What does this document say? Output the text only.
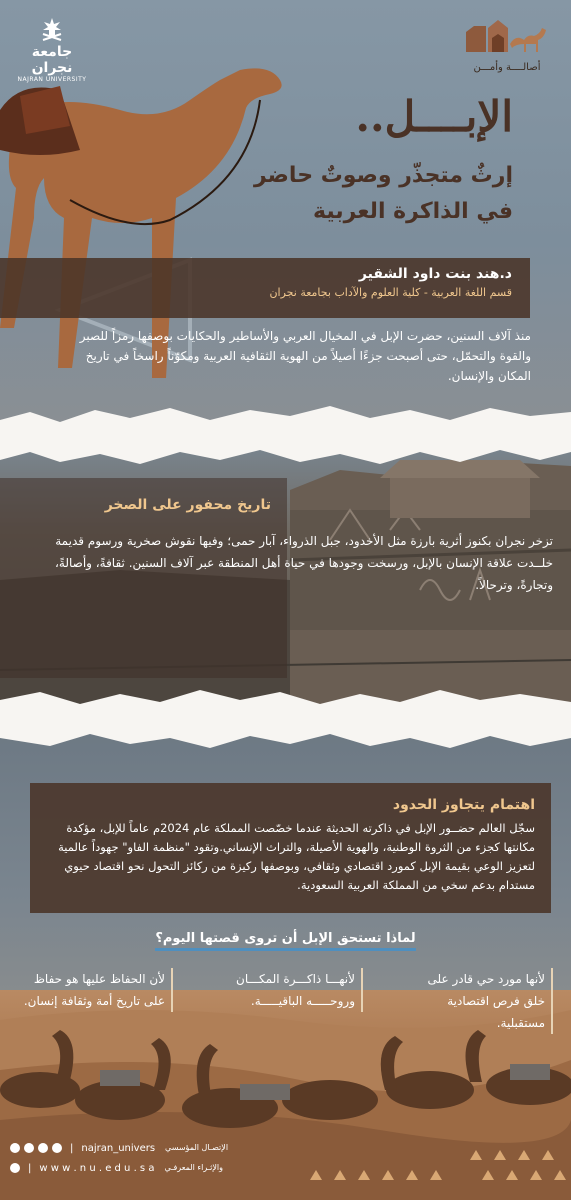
جامعة نجران
NAJRAN UNIVERSITY
أصالــــة وأمـــن
الإبــــل..
إرثٌ متجذّر وصوتٌ حاضر
في الذاكرة العربية
د.هند بنت داود الشقير
قسم اللغة العربية - كلية العلوم والآداب بجامعة نجران
منذ آلاف السنين، حضرت الإبل في المخيال العربي والأساطير والحكايات بوصفها رمزاً للصبر والقوة والتحمّل، حتى أصبحت جزءًا أصيلاً من الهوية الثقافية العربية ومكوّناً راسخاً في تاريخ المكان والإنسان.
تاريخ محفور على الصخر
تزخر نجران بكنوز أثرية بارزة مثل الأخدود، جبل الذرواء، آبار حمى؛ وفيها نقوش صخرية ورسوم قديمة خلــدت علاقة الإنسان بالإبل، ورسخت وجودها في حياة أهل المنطقة عبر آلاف السنين. ثقافةً، وأصالةً، وتجارةً، وترحالاً.
اهتمام يتجاوز الحدود
سجّل العالم حضــور الإبل في ذاكرته الحديثة عندما خصّصت المملكة عام 2024م عاماً للإبل، مؤكدة مكانتها كجزء من الثروة الوطنية، والهوية الأصيلة، والتراث الإنساني.وتقود "منظمة الفاو" جهوداً عالمية لتعزيز الوعي بقيمة الإبل كمورد اقتصادي وثقافي، وبوصفها ركيزة من ركائز التحول نحو اقتصاد حيوي مستدام بدعم سخي من المملكة العربية السعودية.
لماذا تستحق الإبل أن تروى قصتها اليوم؟
لأنها مورد حي قادر على خلق فرص اقتصادية مستقبلية.
لأنهـــا ذاكـــرة المكـــان وروحـــــه الباقيـــــة.
لأن الحفاظ عليها هو حفاظ على تاريخ أمة وثقافة إنسان.
| najran_univers الإتصـال المؤسسي
| w w w . n u . e d u . s a والإثـراء المعرفـي
